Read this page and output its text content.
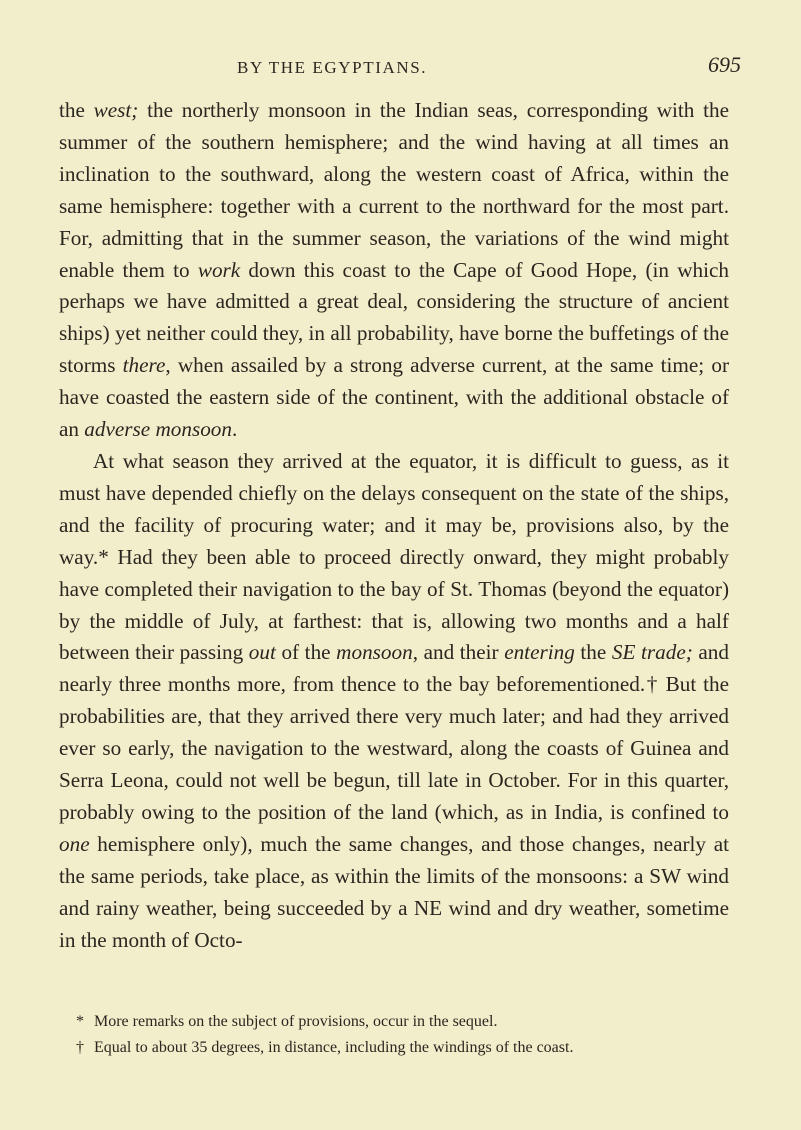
BY THE EGYPTIANS.	695

the west; the northerly monsoon in the Indian seas, corresponding with the summer of the southern hemisphere; and the wind having at all times an inclination to the southward, along the western coast of Africa, within the same hemisphere: together with a current to the northward for the most part. For, admitting that in the summer season, the variations of the wind might enable them to work down this coast to the Cape of Good Hope, (in which perhaps we have admitted a great deal, considering the structure of ancient ships) yet neither could they, in all probability, have borne the buffetings of the storms there, when assailed by a strong adverse current, at the same time; or have coasted the eastern side of the continent, with the additional obstacle of an adverse monsoon.

At what season they arrived at the equator, it is difficult to guess, as it must have depended chiefly on the delays consequent on the state of the ships, and the facility of procuring water; and it may be, provisions also, by the way.* Had they been able to proceed directly onward, they might probably have completed their navigation to the bay of St. Thomas (beyond the equator) by the middle of July, at farthest: that is, allowing two months and a half between their passing out of the monsoon, and their entering the SE trade; and nearly three months more, from thence to the bay beforementioned.† But the probabilities are, that they arrived there very much later; and had they arrived ever so early, the navigation to the westward, along the coasts of Guinea and Serra Leona, could not well be begun, till late in October. For in this quarter, probably owing to the position of the land (which, as in India, is confined to one hemisphere only), much the same changes, and those changes, nearly at the same periods, take place, as within the limits of the monsoons: a SW wind and rainy weather, being succeeded by a NE wind and dry weather, sometime in the month of Octo-

* More remarks on the subject of provisions, occur in the sequel.
† Equal to about 35 degrees, in distance, including the windings of the coast.
